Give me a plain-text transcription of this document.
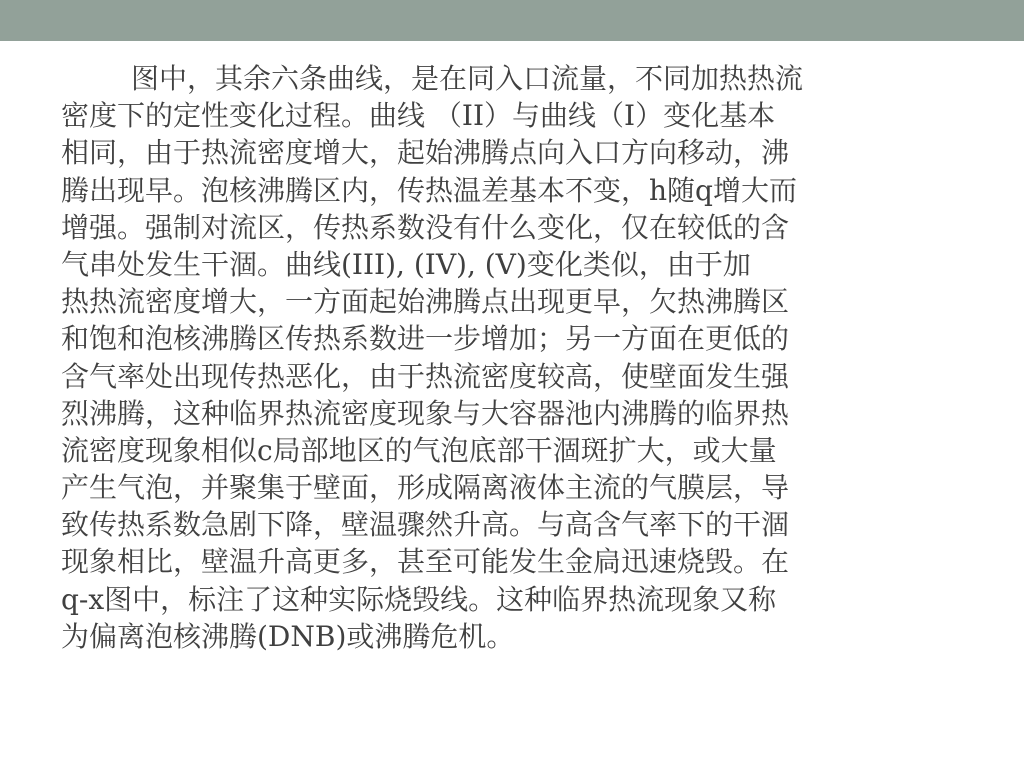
图中，其余六条曲线，是在同入口流量，不同加热热流
密度下的定性变化过程。曲线 （II）与曲线（I）变化基本
相同，由于热流密度增大，起始沸腾点向入口方向移动，沸
腾出现早。泡核沸腾区内，传热温差基本不变，h随q增大而
增强。强制对流区，传热系数没有什么变化，仅在较低的含
气串处发生干涸。曲线(III), (IV), (V)变化类似，由于加
热热流密度增大，一方面起始沸腾点出现更早，欠热沸腾区
和饱和泡核沸腾区传热系数进一步增加；另一方面在更低的
含气率处出现传热恶化，由于热流密度较高，使壁面发生强
烈沸腾，这种临界热流密度现象与大容器池内沸腾的临界热
流密度现象相似c局部地区的气泡底部干涸斑扩大，或大量
产生气泡，并聚集于壁面，形成隔离液体主流的气膜层，导
致传热系数急剧下降，壁温骤然升高。与高含气率下的干涸
现象相比，壁温升高更多，甚至可能发生金扃迅速烧毁。在
q-x图中，标注了这种实际烧毁线。这种临界热流现象又称
为偏离泡核沸腾(DNB)或沸腾危机。
